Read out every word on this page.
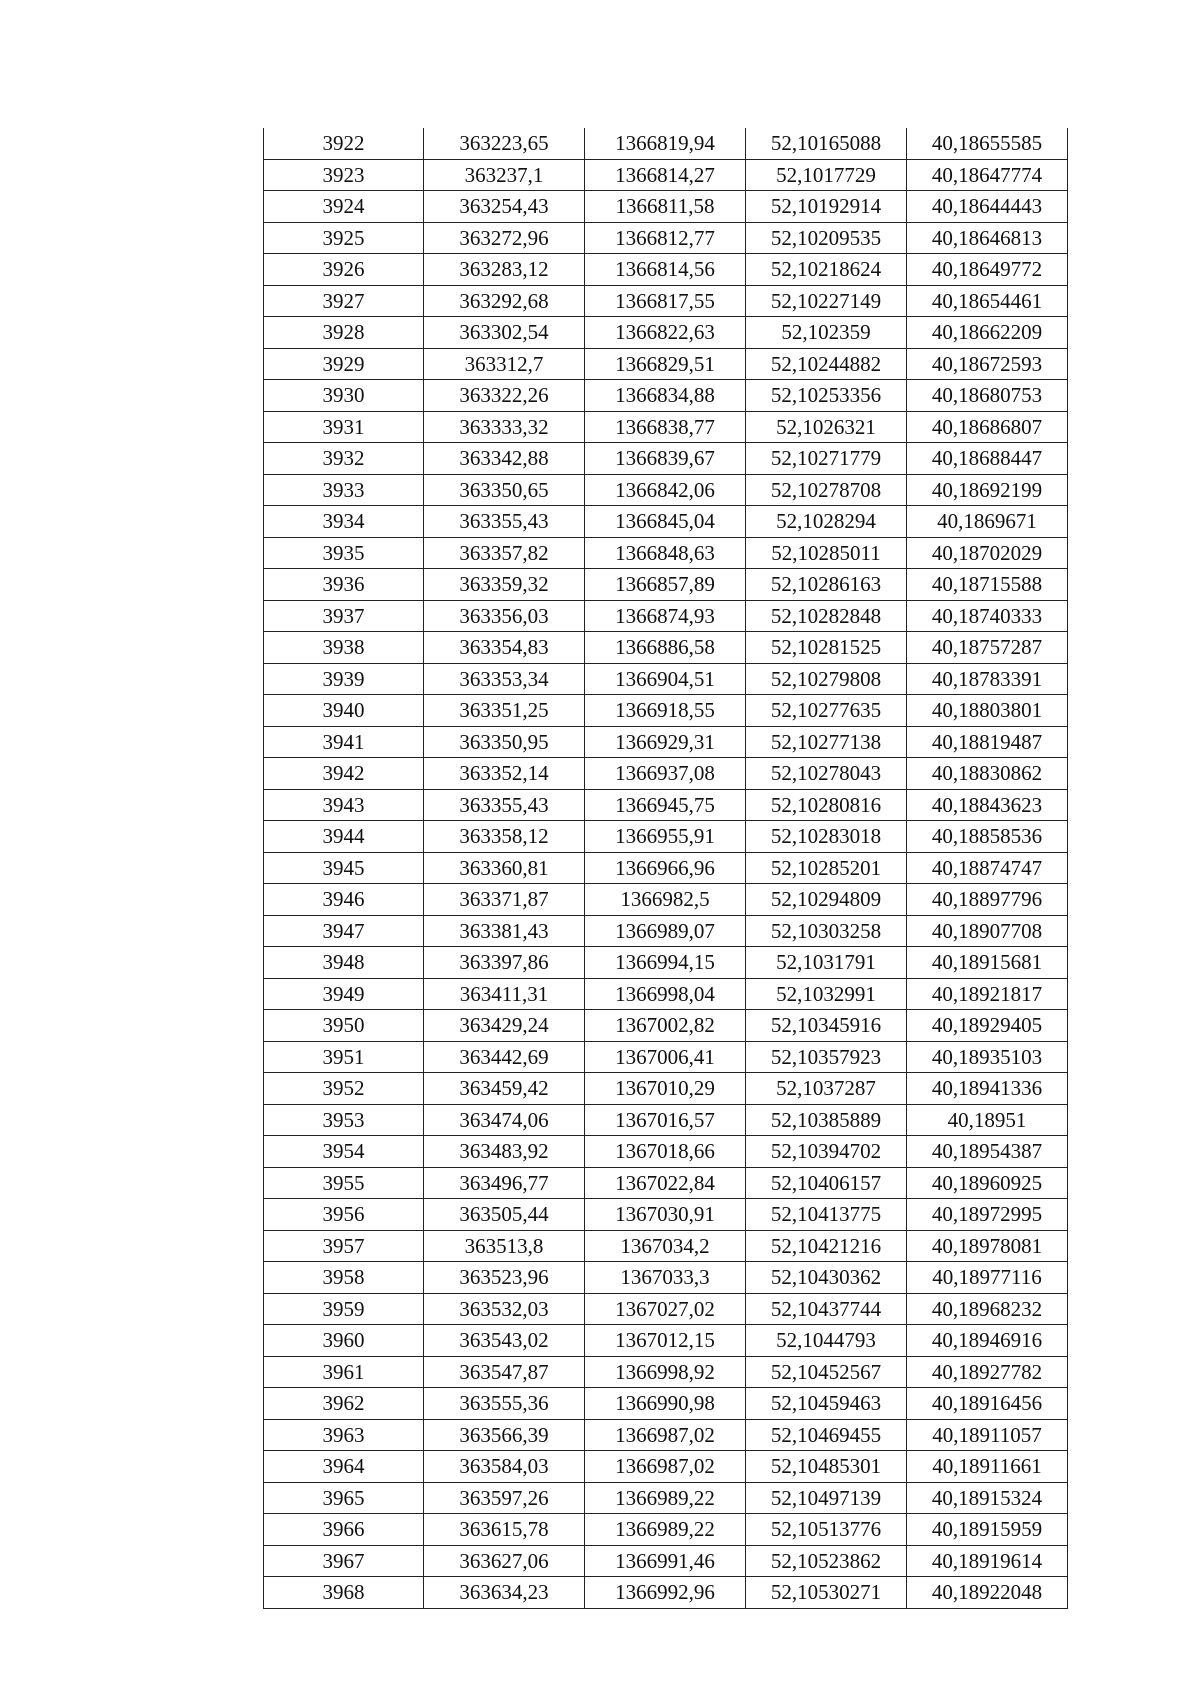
3922	363223,65	1366819,94	52,10165088	40,18655585
3923	363237,1	1366814,27	52,1017729	40,18647774
3924	363254,43	1366811,58	52,10192914	40,18644443
3925	363272,96	1366812,77	52,10209535	40,18646813
3926	363283,12	1366814,56	52,10218624	40,18649772
3927	363292,68	1366817,55	52,10227149	40,18654461
3928	363302,54	1366822,63	52,102359	40,18662209
3929	363312,7	1366829,51	52,10244882	40,18672593
3930	363322,26	1366834,88	52,10253356	40,18680753
3931	363333,32	1366838,77	52,1026321	40,18686807
3932	363342,88	1366839,67	52,10271779	40,18688447
3933	363350,65	1366842,06	52,10278708	40,18692199
3934	363355,43	1366845,04	52,1028294	40,1869671
3935	363357,82	1366848,63	52,10285011	40,18702029
3936	363359,32	1366857,89	52,10286163	40,18715588
3937	363356,03	1366874,93	52,10282848	40,18740333
3938	363354,83	1366886,58	52,10281525	40,18757287
3939	363353,34	1366904,51	52,10279808	40,18783391
3940	363351,25	1366918,55	52,10277635	40,18803801
3941	363350,95	1366929,31	52,10277138	40,18819487
3942	363352,14	1366937,08	52,10278043	40,18830862
3943	363355,43	1366945,75	52,10280816	40,18843623
3944	363358,12	1366955,91	52,10283018	40,18858536
3945	363360,81	1366966,96	52,10285201	40,18874747
3946	363371,87	1366982,5	52,10294809	40,18897796
3947	363381,43	1366989,07	52,10303258	40,18907708
3948	363397,86	1366994,15	52,1031791	40,18915681
3949	363411,31	1366998,04	52,1032991	40,18921817
3950	363429,24	1367002,82	52,10345916	40,18929405
3951	363442,69	1367006,41	52,10357923	40,18935103
3952	363459,42	1367010,29	52,1037287	40,18941336
3953	363474,06	1367016,57	52,10385889	40,18951
3954	363483,92	1367018,66	52,10394702	40,18954387
3955	363496,77	1367022,84	52,10406157	40,18960925
3956	363505,44	1367030,91	52,10413775	40,18972995
3957	363513,8	1367034,2	52,10421216	40,18978081
3958	363523,96	1367033,3	52,10430362	40,18977116
3959	363532,03	1367027,02	52,10437744	40,18968232
3960	363543,02	1367012,15	52,1044793	40,18946916
3961	363547,87	1366998,92	52,10452567	40,18927782
3962	363555,36	1366990,98	52,10459463	40,18916456
3963	363566,39	1366987,02	52,10469455	40,18911057
3964	363584,03	1366987,02	52,10485301	40,18911661
3965	363597,26	1366989,22	52,10497139	40,18915324
3966	363615,78	1366989,22	52,10513776	40,18915959
3967	363627,06	1366991,46	52,10523862	40,18919614
3968	363634,23	1366992,96	52,10530271	40,18922048
